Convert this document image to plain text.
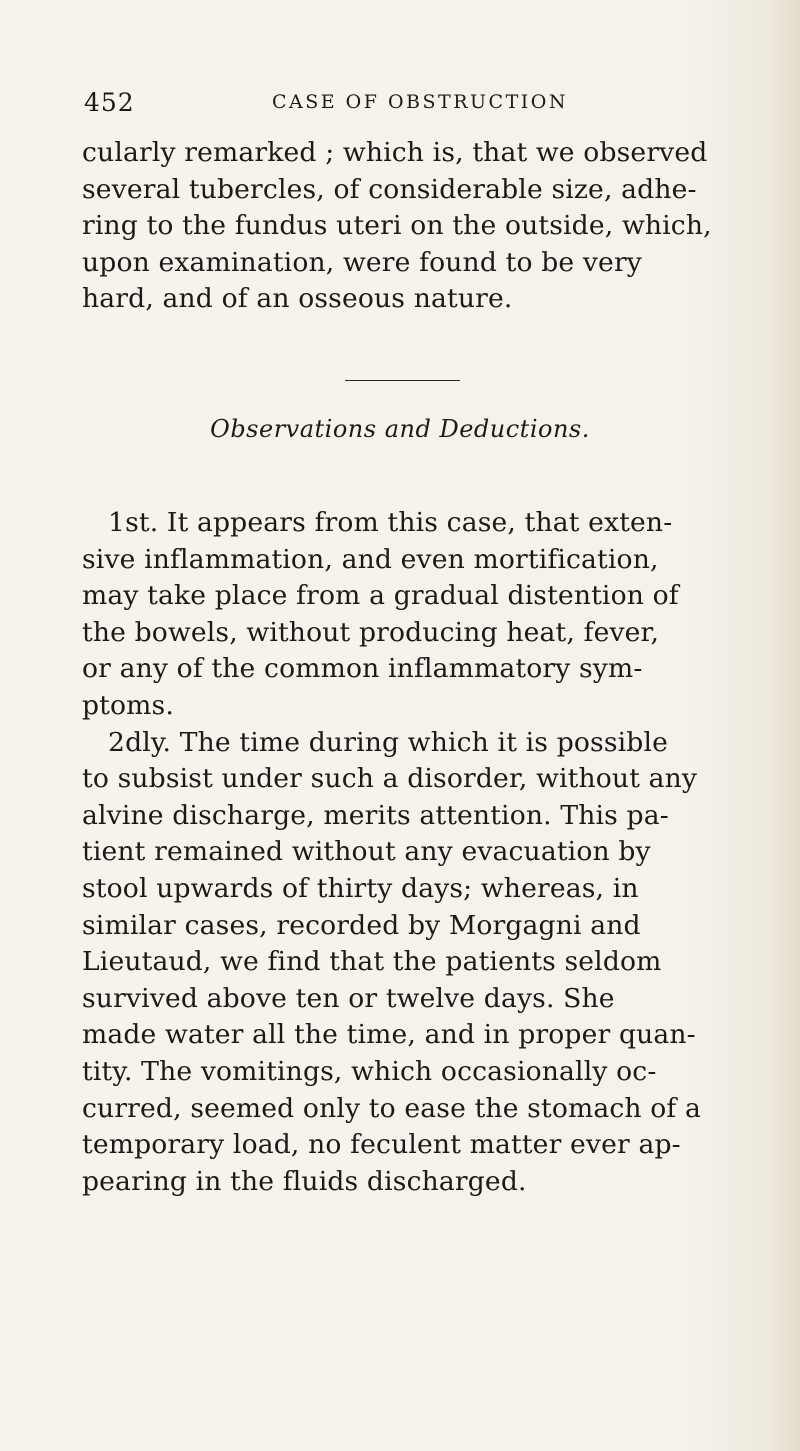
452	CASE OF OBSTRUCTION
cularly remarked ; which is, that we observed
several tubercles, of considerable size, adhe-
ring to the fundus uteri on the outside, which,
upon examination, were found to be very
hard, and of an osseous nature.
Observations and Deductions.
1st. It appears from this case, that exten-
sive inflammation, and even mortification,
may take place from a gradual distention of
the bowels, without producing heat, fever,
or any of the common inflammatory sym-
ptoms.
2dly. The time during which it is possible
to subsist under such a disorder, without any
alvine discharge, merits attention. This pa-
tient remained without any evacuation by
stool upwards of thirty days; whereas, in
similar cases, recorded by Morgagni and
Lieutaud, we find that the patients seldom
survived above ten or twelve days. She
made water all the time, and in proper quan-
tity. The vomitings, which occasionally oc-
curred, seemed only to ease the stomach of a
temporary load, no feculent matter ever ap-
pearing in the fluids discharged.
